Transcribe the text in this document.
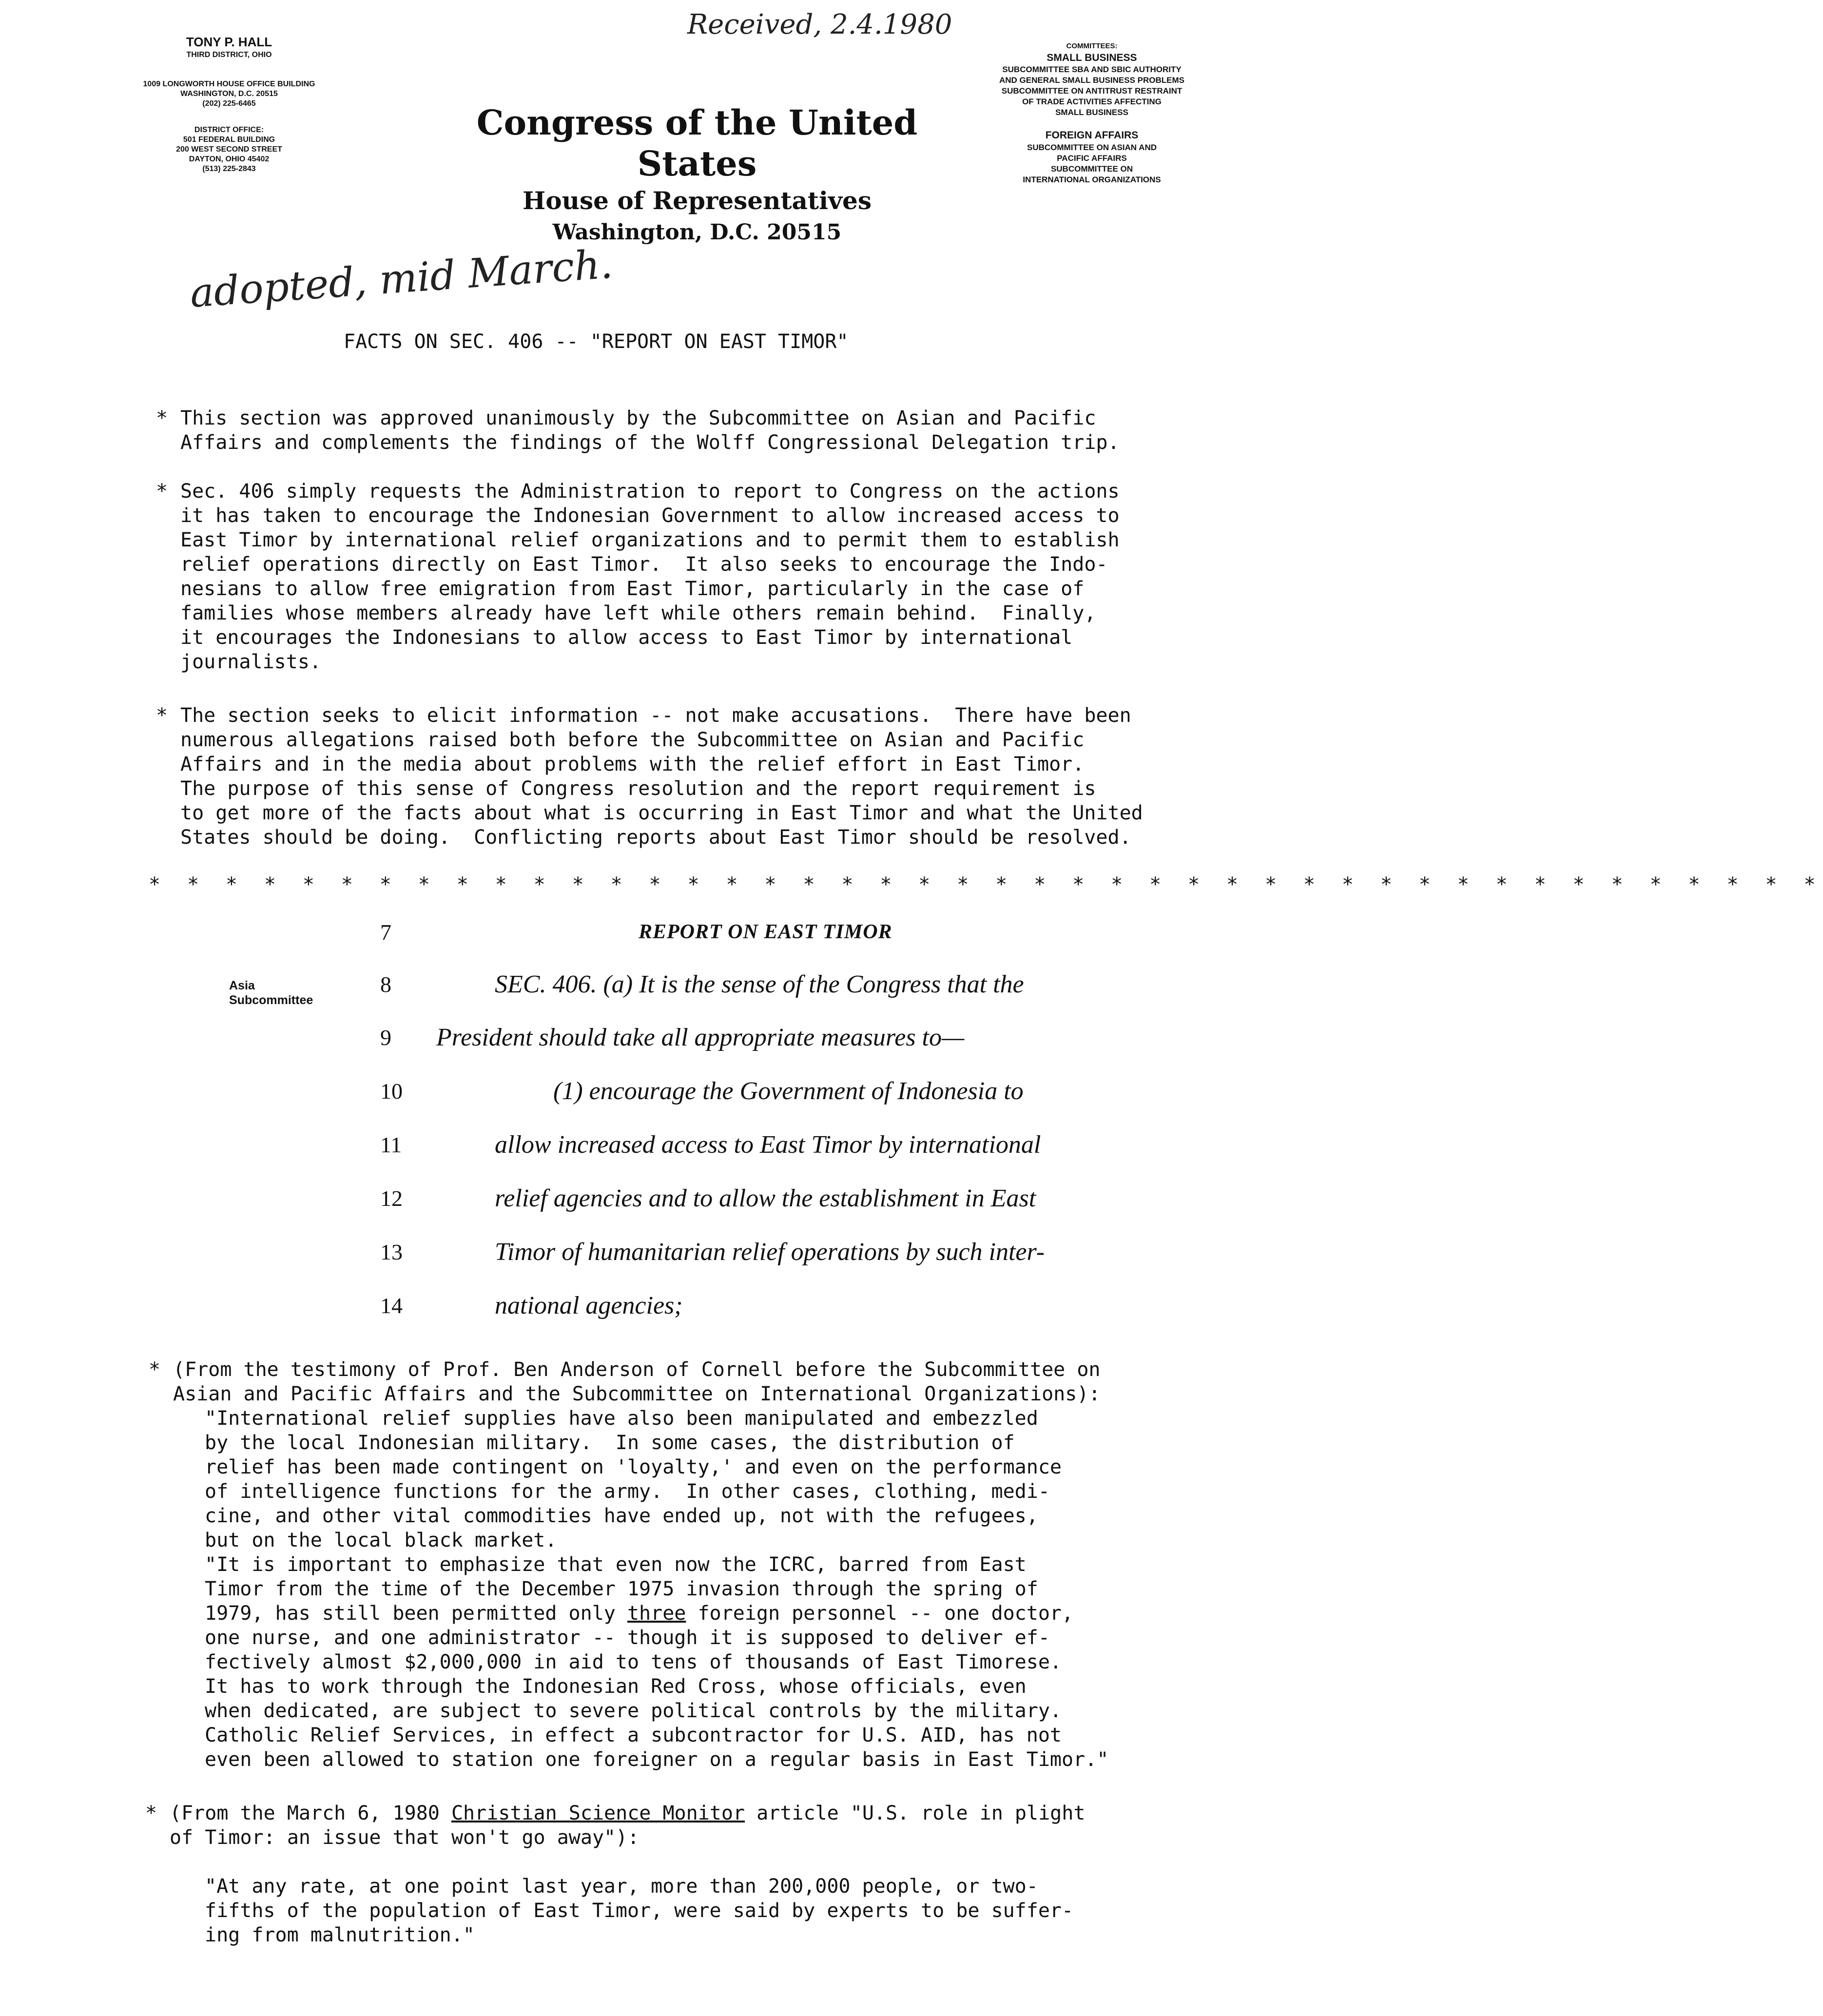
TONY P. HALL
THIRD DISTRICT, OHIO
1009 LONGWORTH HOUSE OFFICE BUILDING
WASHINGTON, D.C. 20515
(202) 225-6465
DISTRICT OFFICE:
501 FEDERAL BUILDING
200 WEST SECOND STREET
DAYTON, OHIO 45402
(513) 225-2843
Congress of the United States
House of Representatives
Washington, D.C. 20515
COMMITTEES:
SMALL BUSINESS
SUBCOMMITTEE SBA AND SBIC AUTHORITY
AND GENERAL SMALL BUSINESS PROBLEMS
SUBCOMMITTEE ON ANTITRUST RESTRAINT
OF TRADE ACTIVITIES AFFECTING
SMALL BUSINESS
FOREIGN AFFAIRS
SUBCOMMITTEE ON ASIAN AND
PACIFIC AFFAIRS
SUBCOMMITTEE ON
INTERNATIONAL ORGANIZATIONS
Received, 2.4.1980
adopted, mid March.
FACTS ON SEC. 406 -- "REPORT ON EAST TIMOR"

*

This section was approved unanimously by the Subcommittee on Asian and Pacific
Affairs and complements the findings of the Wolff Congressional Delegation trip.

*

Sec. 406 simply requests the Administration to report to Congress on the actions
it has taken to encourage the Indonesian Government to allow increased access to
East Timor by international relief organizations and to permit them to establish
relief operations directly on East Timor.  It also seeks to encourage the Indo-
nesians to allow free emigration from East Timor, particularly in the case of
families whose members already have left while others remain behind.  Finally,
it encourages the Indonesians to allow access to East Timor by international
journalists.

*

The section seeks to elicit information -- not make accusations.  There have been
numerous allegations raised both before the Subcommittee on Asian and Pacific
Affairs and in the media about problems with the relief effort in East Timor.
The purpose of this sense of Congress resolution and the report requirement is
to get more of the facts about what is occurring in East Timor and what the United
States should be doing.  Conflicting reports about East Timor should be resolved.

* * * * * * * * * * * * * * * * * * * * * * * * * * * * * * * * * * * * * * * * * * * *
Asia
Subcommittee
7	REPORT ON EAST TIMOR
8	SEC. 406. (a) It is the sense of the Congress that the
9	President should take all appropriate measures to—
10	(1) encourage the Government of Indonesia to
11	allow increased access to East Timor by international
12	relief agencies and to allow the establishment in East
13	Timor of humanitarian relief operations by such inter-
14	national agencies;

*

(From the testimony of Prof. Ben Anderson of Cornell before the Subcommittee on
Asian and Pacific Affairs and the Subcommittee on International Organizations):

"International relief supplies have also been manipulated and embezzled
by the local Indonesian military.  In some cases, the distribution of
relief has been made contingent on 'loyalty,' and even on the performance
of intelligence functions for the army.  In other cases, clothing, medi-
cine, and other vital commodities have ended up, not with the refugees,
but on the local black market.
"It is important to emphasize that even now the ICRC, barred from East
Timor from the time of the December 1975 invasion through the spring of
1979, has still been permitted only three foreign personnel -- one doctor,
one nurse, and one administrator -- though it is supposed to deliver ef-
fectively almost $2,000,000 in aid to tens of thousands of East Timorese.
It has to work through the Indonesian Red Cross, whose officials, even
when dedicated, are subject to severe political controls by the military.
Catholic Relief Services, in effect a subcontractor for U.S. AID, has not
even been allowed to station one foreigner on a regular basis in East Timor."

*

(From the March 6, 1980 Christian Science Monitor article "U.S. role in plight
of Timor: an issue that won't go away"):

"At any rate, at one point last year, more than 200,000 people, or two-
fifths of the population of East Timor, were said by experts to be suffer-
ing from malnutrition."
